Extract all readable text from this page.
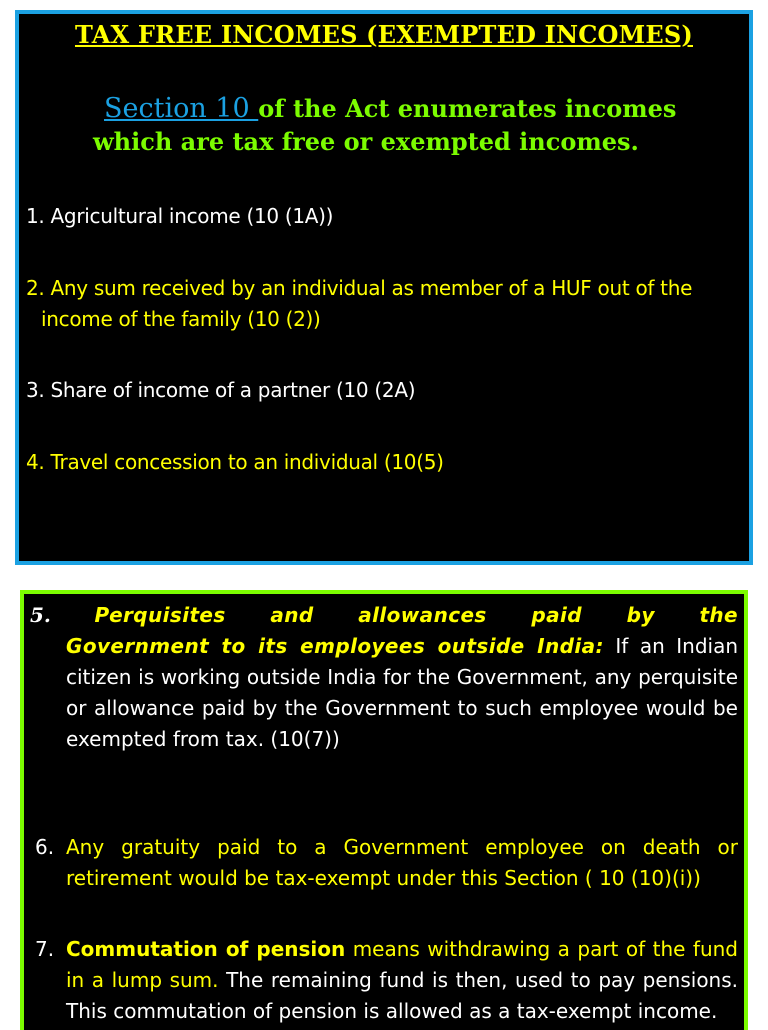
TAX FREE INCOMES (EXEMPTED INCOMES)
Section 10 of the Act enumerates incomes
which are tax free or exempted incomes.
1. Agricultural income (10 (1A))
2. Any sum received by an individual as member of a HUF out of the
income of the family (10 (2))
3. Share of income of a partner (10 (2A)
4. Travel concession to an individual (10(5)
5. Perquisites and allowances paid by the
Government to its employees outside India: If an Indian citizen is working outside India for the Government, any perquisite or allowance paid by the Government to such employee would be exempted from tax. (10(7))
6. Any gratuity paid to a Government employee on death or retirement would be tax-exempt under this Section ( 10 (10)(i))
7. Commutation of pension means withdrawing a part of the fund in a lump sum. The remaining fund is then, used to pay pensions. This commutation of pension is allowed as a tax-exempt income.
